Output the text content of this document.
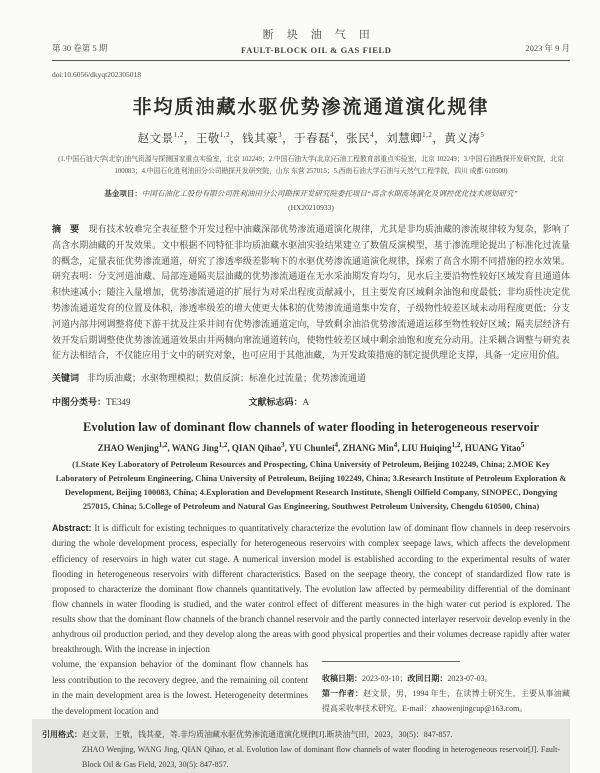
第 30 卷第 5 期
断块油气田
FAULT-BLOCK OIL & GAS FIELD	2023 年 9 月
doi:10.6056/dkyqt202305018
非均质油藏水驱优势渗流通道演化规律
赵文景$^{1,2}$，王敬$^{1,2}$，钱其豪$^3$，于春磊$^4$，张民$^4$，刘慧卿$^{1,2}$，黄义涛$^5$
(1.中国石油大学(北京)油气资源与探测国家重点实验室，北京 102249；2.中国石油大学(北京)石油工程教育部重点实验室，北京 102249；3.中国石油勘探开发研究院，北京 100083；4.中国石化胜利油田分公司勘探开发研究院，山东 东营 257015；5.西南石油大学石油与天然气工程学院，四川 成都 610500)
基金项目：中国石油化工股份有限公司胜利油田分公司勘探开发研究院委托项目“高含水期流场演化及调控优化技术规划研究”
(HX20210933)
摘　要　现有技术较难完全表征整个开发过程中油藏深部优势渗流通道演化规律，尤其是非均质油藏的渗流规律较为复杂，影响了高含水期油藏的开发效果。文中根据不同特征非均质油藏水驱油实验结果建立了数值反演模型，基于渗流理论提出了标准化过流量的概念，定量表征优势渗流通道，研究了渗透率级差影响下的水驱优势渗流通道演化规律，探索了高含水期不同措施的控水效果。研究表明：分支河道油藏、局部连通隔夹层油藏的优势渗流通道在无水采油期发育均匀，见水后主要沿物性较好区域发育且通道体积快速减小；随注入量增加，优势渗流通道的扩展行为对采出程度贡献减小，且主要发育区域剩余油饱和度最低；非均质性决定优势渗流通道发育的位置及体积，渗透率级差的增大使更大体积的优势渗流通道集中发育，子级物性较差区域未动用程度更低；分支河道内部井网调整将使下游干扰及注采井间有优势渗流通道定向，导致剩余油沿优势渗流通道运移至物性较好区域；隔夹层经济有效开发后期调整使优势渗流通道效果由井两侧向窜流通道转向，使物性较差区域中剩余油饱和度充分动用。注采耦合调整与研究表征方法相结合，不仅能应用于文中的研究对象，也可应用于其他油藏，为开发政策措施的制定提供理论支撑，具备一定应用价值。
关键词 非均质油藏；水驱物理模拟；数值反演；标准化过流量；优势渗流通道
中图分类号：TE349	文献标志码：A
Evolution law of dominant flow channels of water flooding in heterogeneous reservoir
ZHAO Wenjing$^{1,2}$, WANG Jing$^{1,2}$, QIAN Qihao$^3$, YU Chunlei$^4$, ZHANG Min$^4$, LIU Huiqing$^{1,2}$, HUANG Yitao$^5$
(1.State Key Laboratory of Petroleum Resources and Prospecting, China University of Petroleum, Beijing 102249, China; 2.MOE Key Laboratory of Petroleum Engineering, China University of Petroleum, Beijing 102249, China; 3.Research Institute of Petroleum Exploration & Development, Beijing 100083, China; 4.Exploration and Development Research Institute, Shengli Oilfield Company, SINOPEC, Dongying 257015, China; 5.College of Petroleum and Natural Gas Engineering, Southwest Petroleum University, Chengdu 610500, China)
Abstract: It is difficult for existing techniques to quantitatively characterize the evolution law of dominant flow channels in deep reservoirs during the whole development process, especially for heterogeneous reservoirs with complex seepage laws, which affects the development efficiency of reservoirs in high water cut stage. A numerical inversion model is established according to the experimental results of water flooding in heterogeneous reservoirs with different characteristics. Based on the seepage theory, the concept of standardized flow rate is proposed to characterize the dominant flow channels quantitatively. The evolution law affected by permeability differential of the dominant flow channels in water flooding is studied, and the water control effect of different measures in the high water cut period is explored. The results show that the dominant flow channels of the branch channel reservoir and the partly connected interlayer reservoir develop evenly in the anhydrous oil production period, and they develop along the areas with good physical properties and their volumes decrease rapidly after water breakthrough. With the increase in injection
volume, the expansion behavior of the dominant flow channels has less contribution to the recovery degree, and the remaining oil content in the main development area is the lowest. Heterogeneity determines the development location and
收稿日期：2023-03-10；改回日期：2023-07-03。
第一作者：赵文景，男，1994 年生，在读博士研究生，主要从事油藏提高采收率技术研究。E-mail：zhaowenjingcup@163.com。
引用格式： 赵文景，王敬，钱其豪，等.非均质油藏水驱优势渗流通道演化规律[J].断块油气田，2023，30(5)：847-857.
ZHAO Wenjing, WANG Jing, QIAN Qihao, et al. Evolution law of dominant flow channels of water flooding in heterogeneous reservoir[J]. Fault-Block Oil & Gas Field, 2023, 30(5): 847-857.
